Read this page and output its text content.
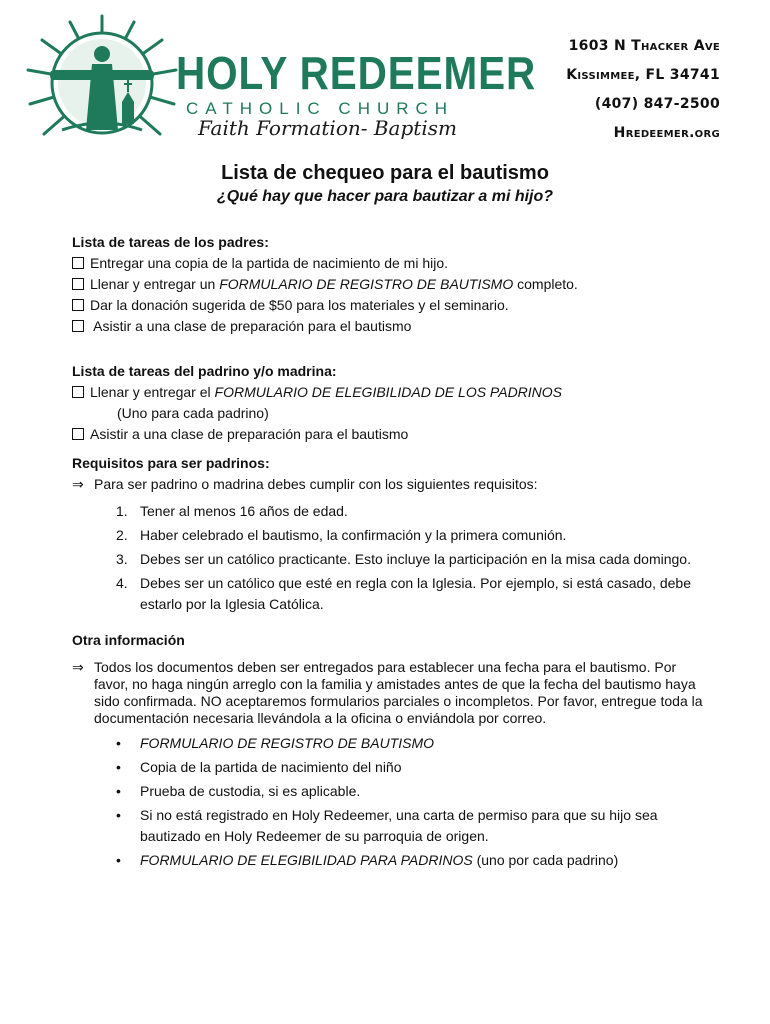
HOLY REDEEMER
CATHOLIC CHURCH
Faith Formation- Baptism
1603 N Thacker Ave
Kissimmee, FL 34741
(407) 847-2500
Hredeemer.org
Lista de chequeo para el bautismo
¿Qué hay que hacer para bautizar a mi hijo?
Lista de tareas de los padres:
Entregar una copia de la partida de nacimiento de mi hijo.
Llenar y entregar un FORMULARIO DE REGISTRO DE BAUTISMO completo.
Dar la donación sugerida de $50 para los materiales y el seminario.
Asistir a una clase de preparación para el bautismo
Lista de tareas del padrino y/o madrina:
Llenar y entregar el FORMULARIO DE ELEGIBILIDAD DE LOS PADRINOS
(Uno para cada padrino)
Asistir a una clase de preparación para el bautismo
Requisitos para ser padrinos:
⇒ Para ser padrino o madrina debes cumplir con los siguientes requisitos:
1. Tener al menos 16 años de edad.
2. Haber celebrado el bautismo, la confirmación y la primera comunión.
3. Debes ser un católico practicante. Esto incluye la participación en la misa cada domingo.
4. Debes ser un católico que esté en regla con la Iglesia. Por ejemplo, si está casado, debe estarlo por la Iglesia Católica.
Otra información
⇒ Todos los documentos deben ser entregados para establecer una fecha para el bautismo. Por favor, no haga ningún arreglo con la familia y amistades antes de que la fecha del bautismo haya sido confirmada. NO aceptaremos formularios parciales o incompletos. Por favor, entregue toda la documentación necesaria llevándola a la oficina o enviándola por correo.
•	FORMULARIO DE REGISTRO DE BAUTISMO
•	Copia de la partida de nacimiento del niño
•	Prueba de custodia, si es aplicable.
•	Si no está registrado en Holy Redeemer, una carta de permiso para que su hijo sea bautizado en Holy Redeemer de su parroquia de origen.
•	FORMULARIO DE ELEGIBILIDAD PARA PADRINOS (uno por cada padrino)
